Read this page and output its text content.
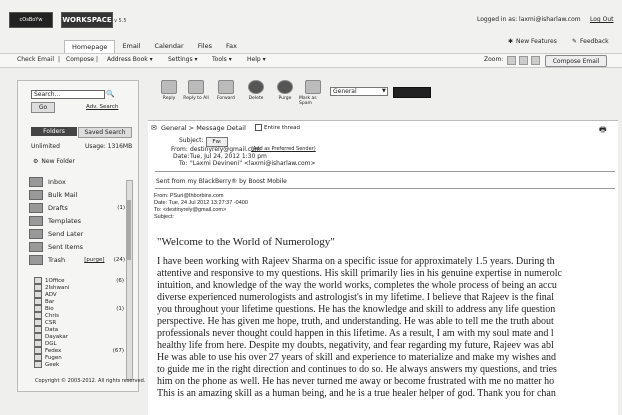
cOsBoYw	WORKSPACE v 5.5	Logged in as: laxmi@isharlaw.com Log Out
Homepage	Email	Calendar	Files	Fax
✱ New Features	✎ Feedback
Check Email | Compose | Address Book ▾	Settings ▾ Tools ▾	Help ▾	Zoom:	Compose Email
Search...	🔍
Go	Adv. Search
Folders	Saved Search
Unlimited	Usage: 1316MB
⚙ New Folder
Inbox
Bulk Mail
Drafts	(1)
Templates
Send Later
Sent Items
Trash	[purge] (24)
1Office	(6)
2Ishwani
ADV
Bar
Bio	(1)
Chris
CSR
Data
Dayakar
DGL
Fedex	(67)
Fugen
Geek
Copyright © 2003-2012. All rights reserved.
Reply Reply to All Forward	Delete	Purge Mark as Spam
General	▼
✉ General > Message Detail	Entire thread	🖶
Subject:	Fw:
From: destinyrely@gmail.com
(Add as Preferred Sender)
Date: Tue, Jul 24, 2012 1:30 pm
To: "Laxmi Devineni" <laxmi@isharlaw.com>
Sent from my BlackBerry® by Boost Mobile
From: PSuri@Ihborbins.com
Date: Tue, 24 Jul 2012 13:27:37 -0400
To: <destinyrely@gmail.com>
Subject:
"Welcome to the World of Numerology"
I have been working with Rajeev Sharma on a specific issue for approximately 1.5 years. During th
attentive and responsive to my questions. His skill primarily lies in his genuine expertise in numerolc
intuition, and knowledge of the way the world works, completes the whole process of being an accu
diverse experienced numerologists and astrologist's in my lifetime. I believe that Rajeev is the final
you throughout your lifetime questions. He has the knowledge and skill to address any life question
perspective. He has given me hope, truth, and understanding. He was able to tell me the truth about
professionals never thought could happen in this lifetime. As a result, I am with my soul mate and l
healthy life from here. Despite my doubts, negativity, and fear regarding my future, Rajeev was abl
He was able to use his over 27 years of skill and experience to materialize and make my wishes and
to guide me in the right direction and continues to do so. He always answers my questions, and tries
him on the phone as well. He has never turned me away or become frustrated with me no matter ho
This is an amazing skill as a human being, and he is a true healer helper of god. Thank you for chan
